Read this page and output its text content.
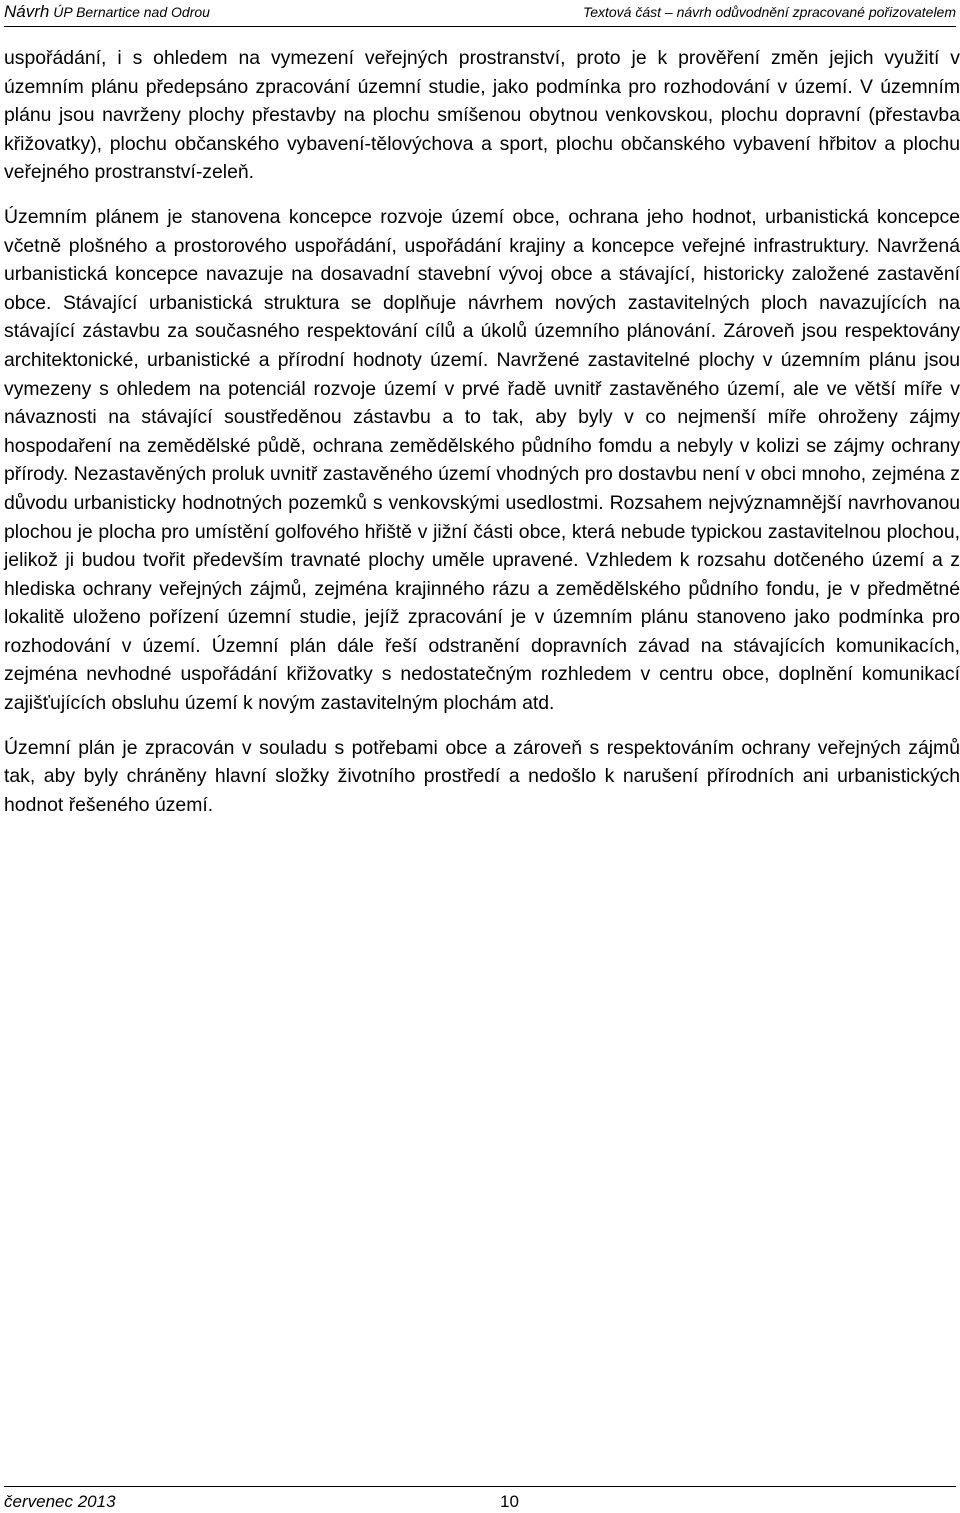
Návrh ÚP Bernartice nad Odrou	Textová část – návrh odůvodnění zpracované pořizovatelem

uspořádání, i s ohledem na vymezení veřejných prostranství, proto je k prověření změn jejich využití v územním plánu předepsáno zpracování územní studie, jako podmínka pro rozhodování v území. V územním plánu jsou navrženy plochy přestavby na plochu smíšenou obytnou venkovskou, plochu dopravní (přestavba křižovatky), plochu občanského vybavení-tělovýchova a sport, plochu občanského vybavení hřbitov a plochu veřejného prostranství-zeleň.

Územním plánem je stanovena koncepce rozvoje území obce, ochrana jeho hodnot, urbanistická koncepce včetně plošného a prostorového uspořádání, uspořádání krajiny a koncepce veřejné infrastruktury. Navržená urbanistická koncepce navazuje na dosavadní stavební vývoj obce a stávající, historicky založené zastavění obce. Stávající urbanistická struktura se doplňuje návrhem nových zastavitelných ploch navazujících na stávající zástavbu za současného respektování cílů a úkolů územního plánování. Zároveň jsou respektovány architektonické, urbanistické a přírodní hodnoty území. Navržené zastavitelné plochy v územním plánu jsou vymezeny s ohledem na potenciál rozvoje území v prvé řadě uvnitř zastavěného území, ale ve větší míře v návaznosti na stávající soustředěnou zástavbu a to tak, aby byly v co nejmenší míře ohroženy zájmy hospodaření na zemědělské půdě, ochrana zemědělského půdního fomdu a nebyly v kolizi se zájmy ochrany přírody. Nezastavěných proluk uvnitř zastavěného území vhodných pro dostavbu není v obci mnoho, zejména z důvodu urbanisticky hodnotných pozemků s venkovskými usedlostmi. Rozsahem nejvýznamnější navrhovanou plochou je plocha pro umístění golfového hřiště v jižní části obce, která nebude typickou zastavitelnou plochou, jelikož ji budou tvořit především travnaté plochy uměle upravené. Vzhledem k rozsahu dotčeného území a z hlediska ochrany veřejných zájmů, zejména krajinného rázu a zemědělského půdního fondu, je v předmětné lokalitě uloženo pořízení územní studie, jejíž zpracování je v územním plánu stanoveno jako podmínka pro rozhodování v území. Územní plán dále řeší odstranění dopravních závad na stávajících komunikacích, zejména nevhodné uspořádání křižovatky s nedostatečným rozhledem v centru obce, doplnění komunikací zajišťujících obsluhu území k novým zastavitelným plochám atd.

Územní plán je zpracován v souladu s potřebami obce a zároveň s respektováním ochrany veřejných zájmů tak, aby byly chráněny hlavní složky životního prostředí a nedošlo k narušení přírodních ani urbanistických hodnot řešeného území.

červenec 2013	10
